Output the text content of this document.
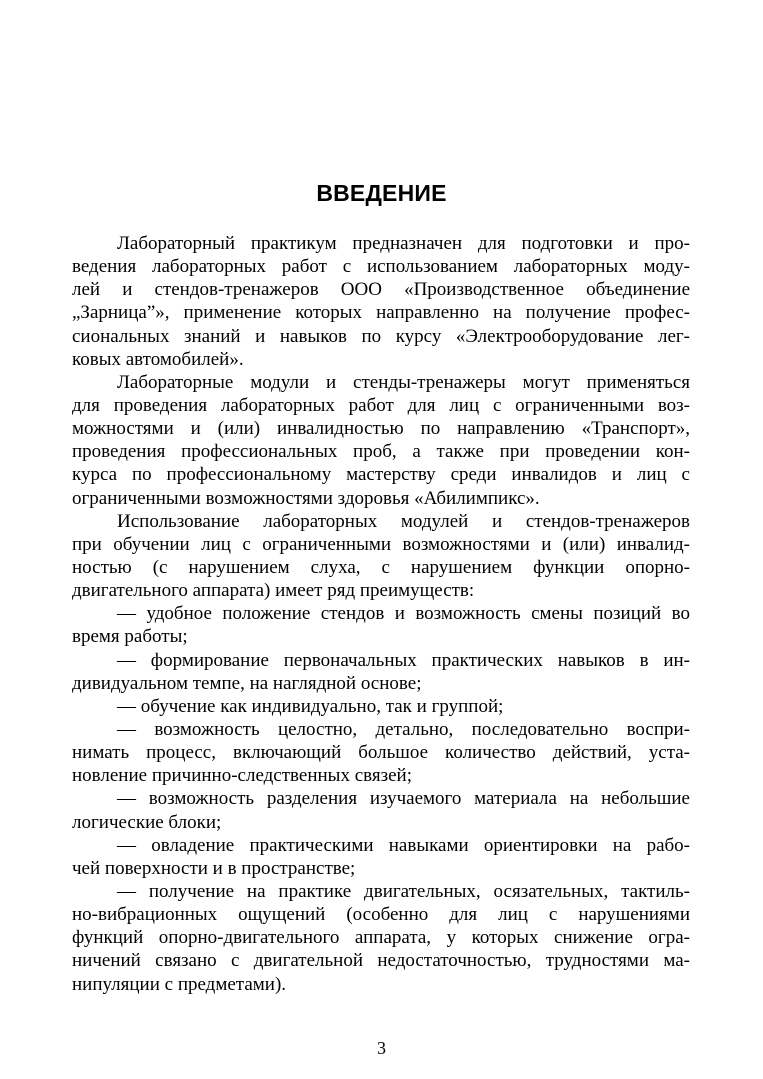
ВВЕДЕНИЕ
Лабораторный практикум предназначен для подготовки и про-
ведения лабораторных работ с использованием лабораторных моду-
лей и стендов-тренажеров ООО «Производственное объединение
„Зарница”», применение которых направленно на получение профес-
сиональных знаний и навыков по курсу «Электрооборудование лег-
ковых автомобилей».
Лабораторные модули и стенды-тренажеры могут применяться
для проведения лабораторных работ для лиц с ограниченными воз-
можностями и (или) инвалидностью по направлению «Транспорт»,
проведения профессиональных проб, а также при проведении кон-
курса по профессиональному мастерству среди инвалидов и лиц с
ограниченными возможностями здоровья «Абилимпикс».
Использование лабораторных модулей и стендов-тренажеров
при обучении лиц с ограниченными возможностями и (или) инвалид-
ностью (с нарушением слуха, с нарушением функции опорно-
двигательного аппарата) имеет ряд преимуществ:
— удобное положение стендов и возможность смены позиций во
время работы;
— формирование первоначальных практических навыков в ин-
дивидуальном темпе, на наглядной основе;
— обучение как индивидуально, так и группой;
— возможность целостно, детально, последовательно воспри-
нимать процесс, включающий большое количество действий, уста-
новление причинно-следственных связей;
— возможность разделения изучаемого материала на небольшие
логические блоки;
— овладение практическими навыками ориентировки на рабо-
чей поверхности и в пространстве;
— получение на практике двигательных, осязательных, тактиль-
но-вибрационных ощущений (особенно для лиц с нарушениями
функций опорно-двигательного аппарата, у которых снижение огра-
ничений связано с двигательной недостаточностью, трудностями ма-
нипуляции с предметами).
3
